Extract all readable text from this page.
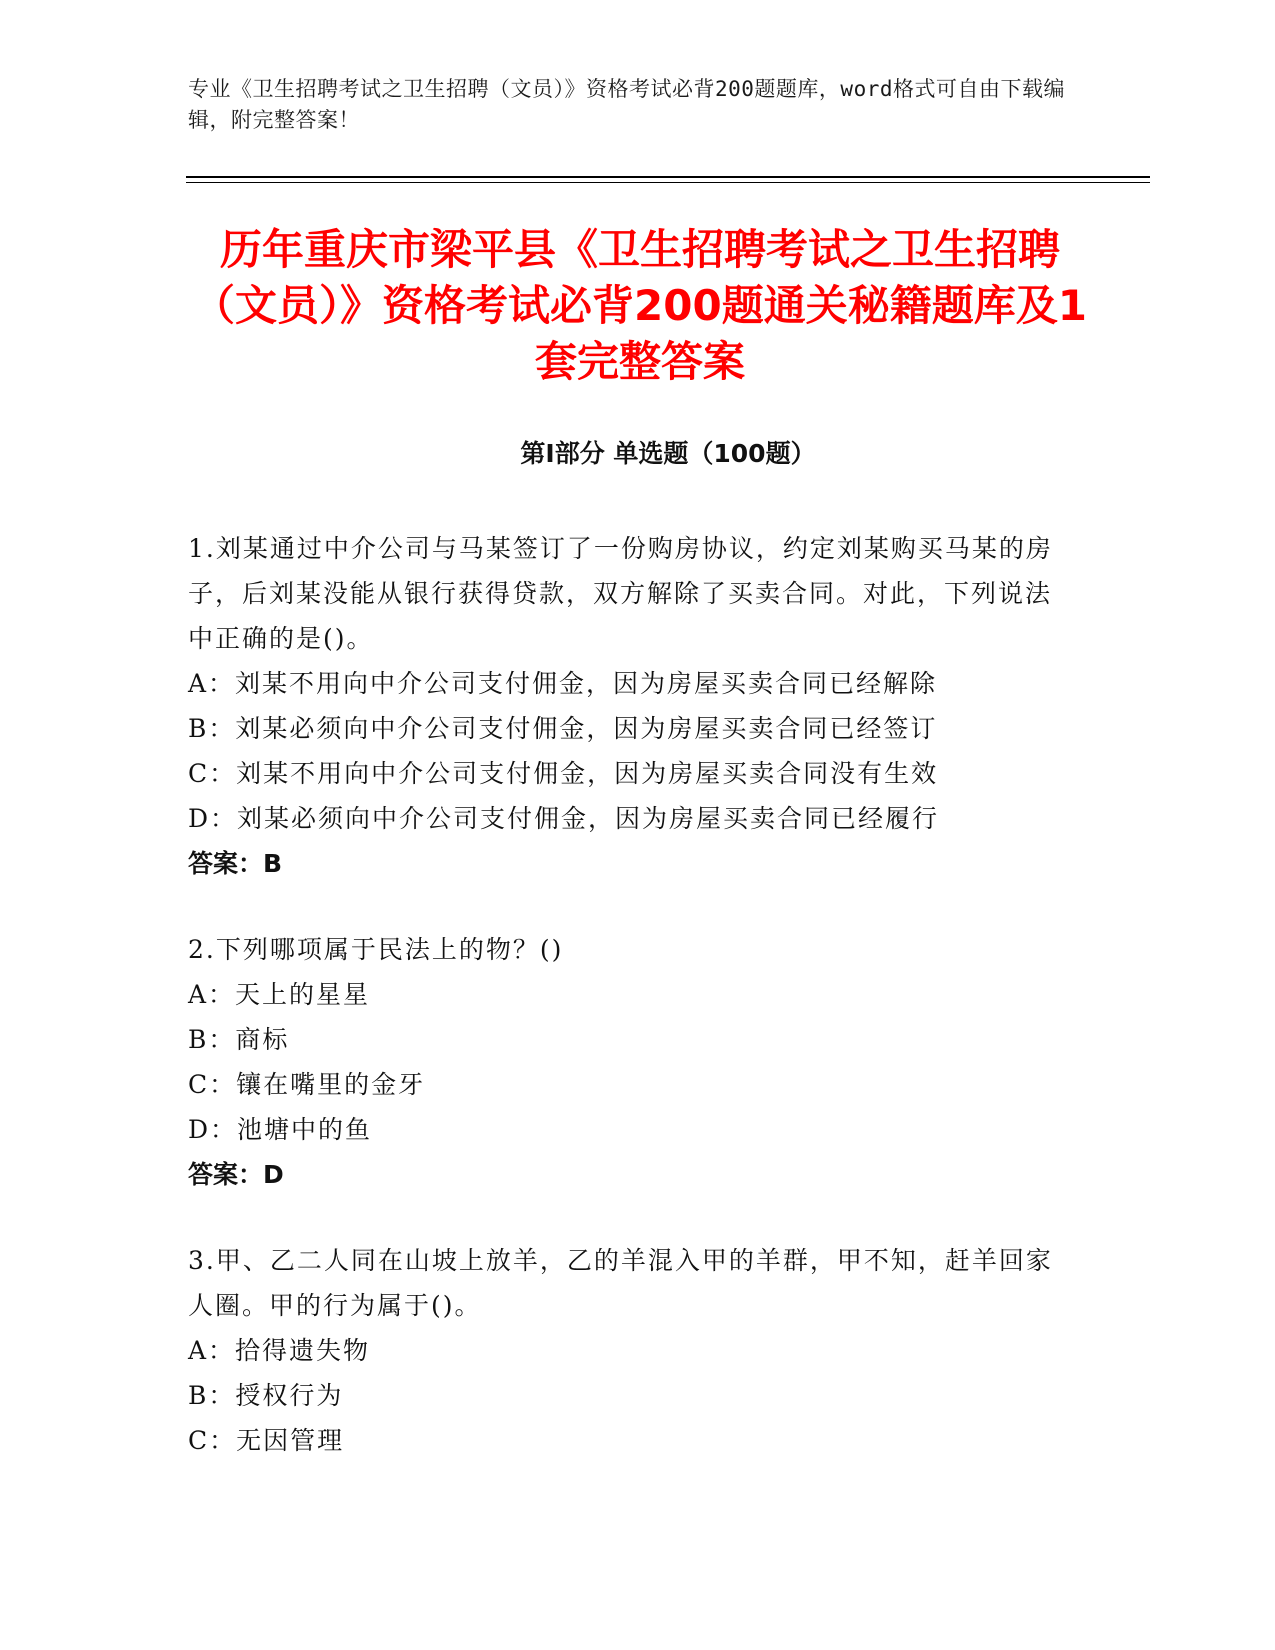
专业《卫生招聘考试之卫生招聘（文员）》资格考试必背200题题库，word格式可自由下载编辑，附完整答案！
历年重庆市梁平县《卫生招聘考试之卫生招聘（文员）》资格考试必背200题通关秘籍题库及1套完整答案
第Ⅰ部分 单选题（100题）

1.刘某通过中介公司与马某签订了一份购房协议，约定刘某购买马某的房子，后刘某没能从银行获得贷款，双方解除了买卖合同。对此，下列说法中正确的是()。

A：刘某不用向中介公司支付佣金，因为房屋买卖合同已经解除

B：刘某必须向中介公司支付佣金，因为房屋买卖合同已经签订

C：刘某不用向中介公司支付佣金，因为房屋买卖合同没有生效

D：刘某必须向中介公司支付佣金，因为房屋买卖合同已经履行

答案：B

2.下列哪项属于民法上的物？()

A：天上的星星

B：商标

C：镶在嘴里的金牙

D：池塘中的鱼

答案：D

3.甲、乙二人同在山坡上放羊，乙的羊混入甲的羊群，甲不知，赶羊回家人圈。甲的行为属于()。

A：拾得遗失物

B：授权行为

C：无因管理
